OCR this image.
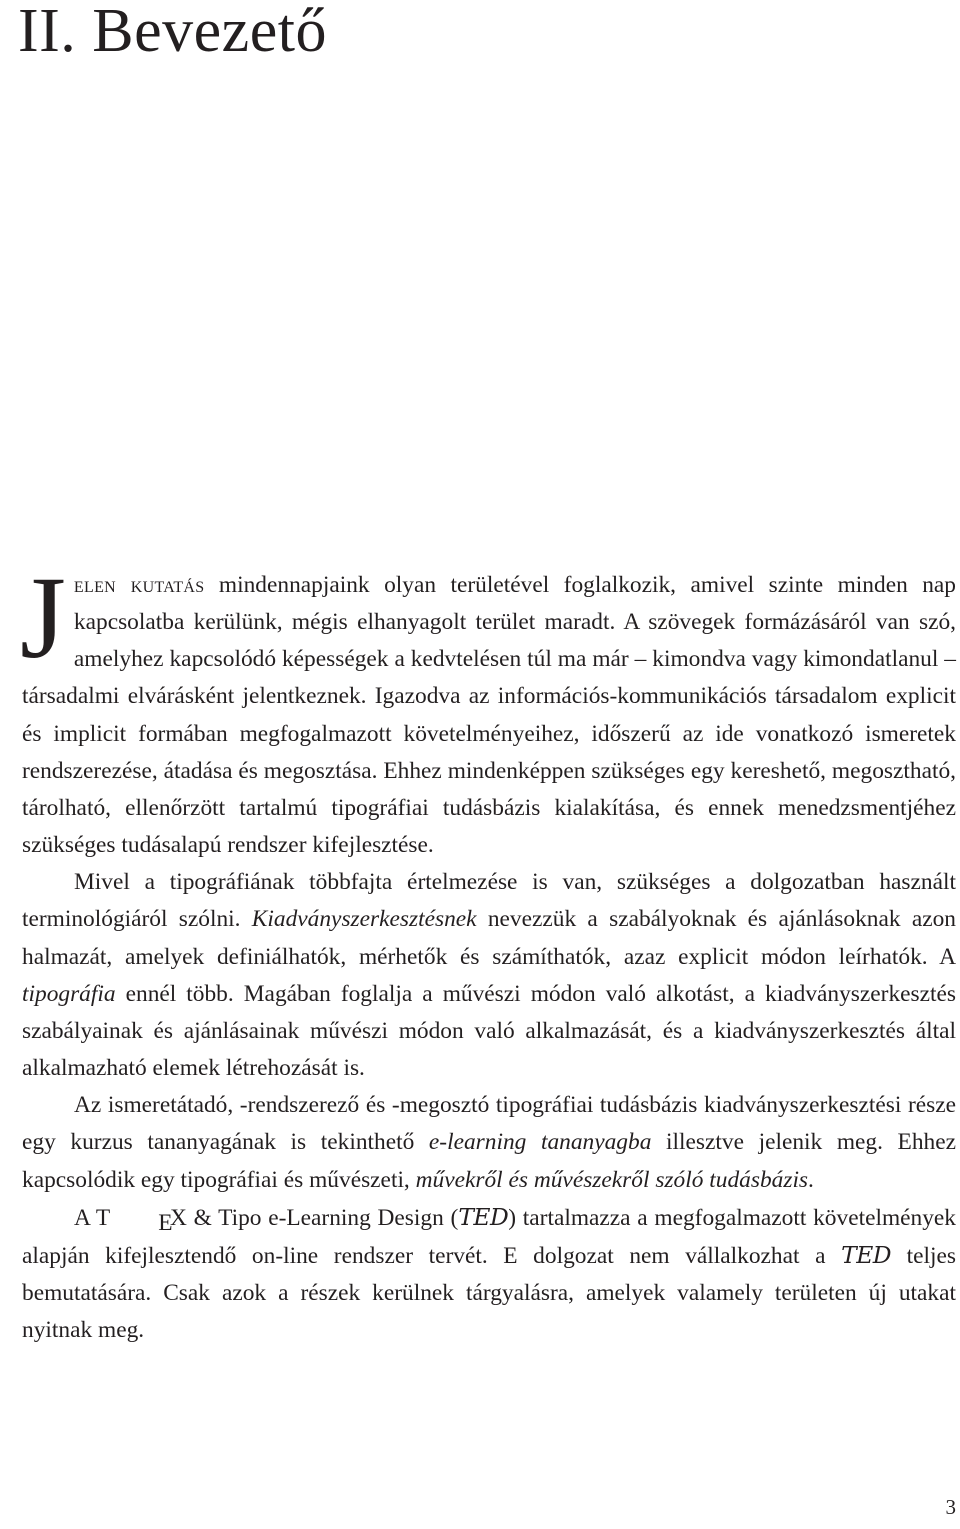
II. Bevezető

Jelen kutatás mindennapjaink olyan területével foglalkozik, amivel szinte minden nap kapcsolatba kerülünk, mégis elhanyagolt terület maradt. A szövegek formázásáról van szó, amelyhez kapcsolódó képességek a kedvtelésen túl ma már – kimondva vagy kimondatlanul – társadalmi elvárásként jelentkeznek. Igazodva az információs-kommunikációs társadalom explicit és implicit formában megfogalmazott követelményeihez, időszerű az ide vonatkozó ismeretek rendszerezése, átadása és megosztása. Ehhez mindenképpen szükséges egy kereshető, megosztható, tárolható, ellenőrzött tartalmú tipográfiai tudásbázis kialakítása, és ennek menedzsmentjéhez szükséges tudásalapú rendszer kifejlesztése.

Mivel a tipográfiának többfajta értelmezése is van, szükséges a dolgozatban használt terminológiáról szólni. Kiadványszerkesztésnek nevezzük a szabályoknak és ajánlásoknak azon halmazát, amelyek definiálhatók, mérhetők és számíthatók, azaz explicit módon leírhatók. A tipográfia ennél több. Magában foglalja a művészi módon való alkotást, a kiadványszerkesztés szabályainak és ajánlásainak művészi módon való alkalmazását, és a kiadványszerkesztés által alkalmazható elemek létrehozását is.

Az ismeretátadó, -rendszerező és -megosztó tipográfiai tudásbázis kiadványszerkesztési része egy kurzus tananyagának is tekinthető e-learning tananyagba illesztve jelenik meg. Ehhez kapcsolódik egy tipográfiai és művészeti, művekről és művészekről szóló tudásbázis.

A T EX & Tipo e-Learning Design (TED) tartalmazza a megfogalmazott követelmények alapján kifejlesztendő on-line rendszer tervét. E dolgozat nem vállalkozhat a TED teljes bemutatására. Csak azok a részek kerülnek tárgyalásra, amelyek valamely területen új utakat nyitnak meg.

3
